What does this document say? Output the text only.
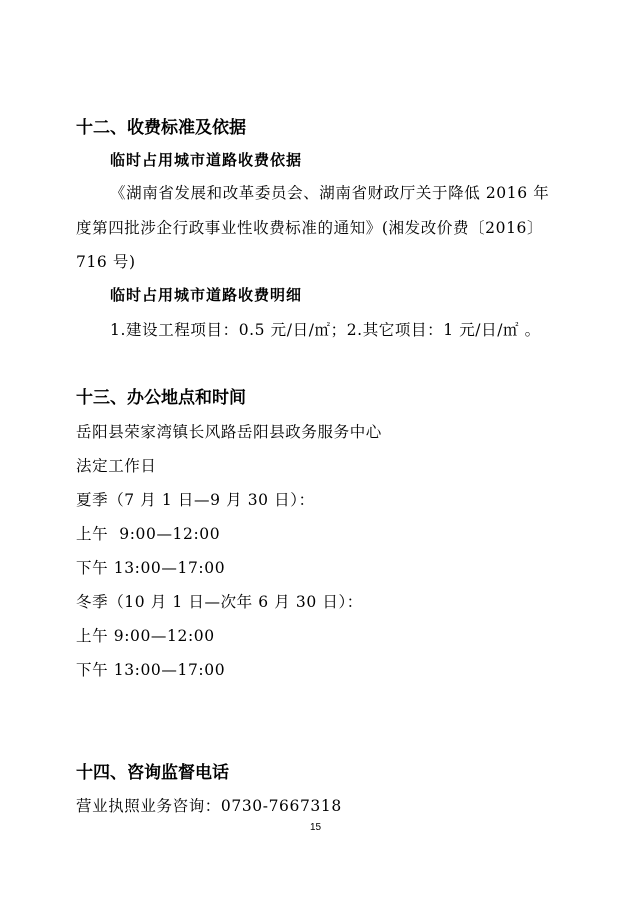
十二、收费标准及依据
临时占用城市道路收费依据

《湖南省发展和改革委员会、湖南省财政厅关于降低 2016 年

度第四批涉企行政事业性收费标准的通知》(湘发改价费〔2016〕

716 号)

临时占用城市道路收费明细

1.建设工程项目：0.5 元/日/㎡；2.其它项目：1 元/日/㎡ 。

十三、办公地点和时间

岳阳县荣家湾镇长风路岳阳县政务服务中心

法定工作日

夏季（7 月 1 日—9 月 30 日）：

上午  9:00—12:00

下午 13:00—17:00

冬季（10 月 1 日—次年 6 月 30 日）：

上午 9:00—12:00

下午 13:00—17:00

十四、咨询监督电话

营业执照业务咨询：0730-7667318

15
